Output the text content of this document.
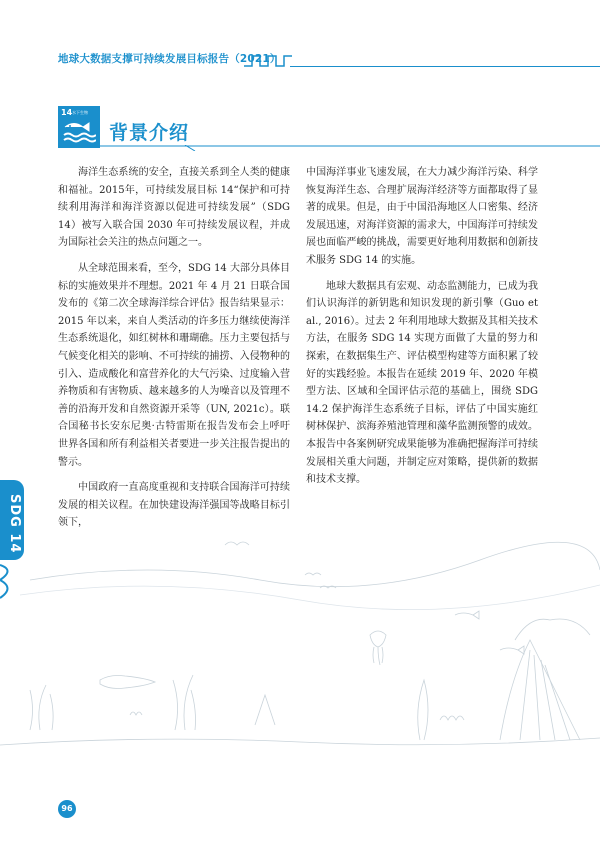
地球大数据支撑可持续发展目标报告（2021）
14 水下生物
背景介绍

海洋生态系统的安全，直接关系到全人类的健康和福祉。2015年，可持续发展目标 14“保护和可持续利用海洋和海洋资源以促进可持续发展”（SDG 14）被写入联合国 2030 年可持续发展议程，并成为国际社会关注的热点问题之一。

从全球范围来看，至今，SDG 14 大部分具体目标的实施效果并不理想。2021 年 4 月 21 日联合国发布的《第二次全球海洋综合评估》报告结果显示：2015 年以来，来自人类活动的许多压力继续使海洋生态系统退化，如红树林和珊瑚礁。压力主要包括与气候变化相关的影响、不可持续的捕捞、入侵物种的引入、造成酸化和富营养化的大气污染、过度输入营养物质和有害物质、越来越多的人为噪音以及管理不善的沿海开发和自然资源开采等（UN, 2021c）。联合国秘书长安东尼奥·古特雷斯在报告发布会上呼吁世界各国和所有利益相关者要进一步关注报告提出的警示。

中国政府一直高度重视和支持联合国海洋可持续发展的相关议程。在加快建设海洋强国等战略目标引领下，

中国海洋事业飞速发展，在大力减少海洋污染、科学恢复海洋生态、合理扩展海洋经济等方面都取得了显著的成果。但是，由于中国沿海地区人口密集、经济发展迅速，对海洋资源的需求大，中国海洋可持续发展也面临严峻的挑战，需要更好地利用数据和创新技术服务 SDG 14 的实施。

地球大数据具有宏观、动态监测能力，已成为我们认识海洋的新钥匙和知识发现的新引擎（Guo et al., 2016）。过去 2 年利用地球大数据及其相关技术方法，在服务 SDG 14 实现方面做了大量的努力和探索，在数据集生产、评估模型构建等方面积累了较好的实践经验。本报告在延续 2019 年、2020 年模型方法、区域和全国评估示范的基础上，围绕 SDG 14.2 保护海洋生态系统子目标，评估了中国实施红树林保护、滨海养殖池管理和藻华监测预警的成效。本报告中各案例研究成果能够为准确把握海洋可持续发展相关重大问题，并制定应对策略，提供新的数据和技术支撑。

SDG 14
96
